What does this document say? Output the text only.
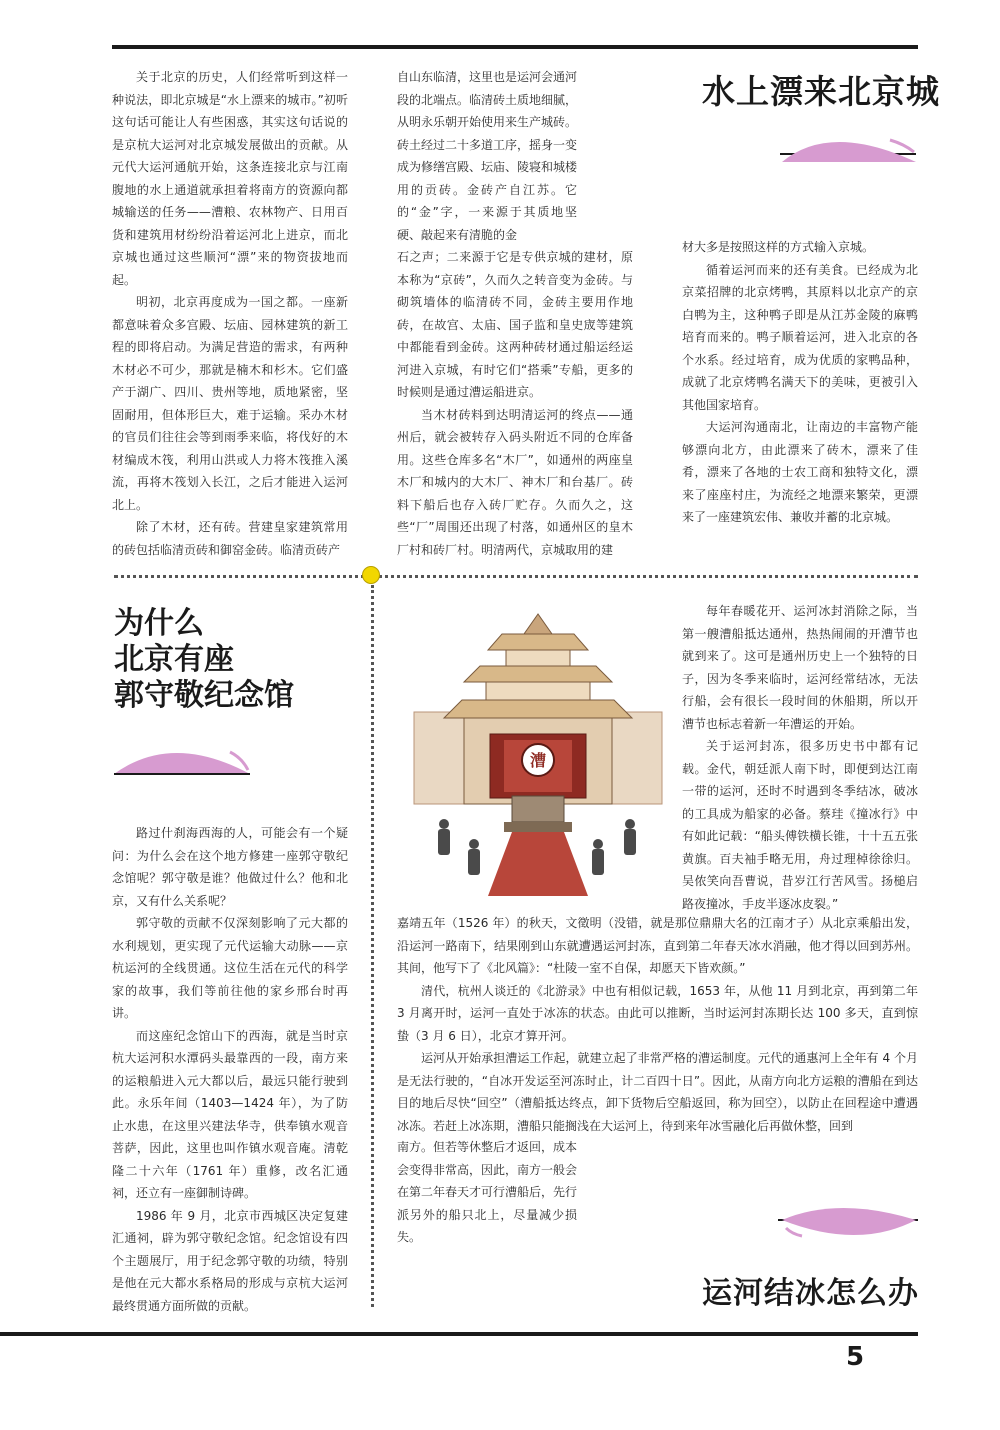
水上漂来北京城

关于北京的历史，人们经常听到这样一种说法，即北京城是“水上漂来的城市。”初听这句话可能让人有些困惑，其实这句话说的是京杭大运河对北京城发展做出的贡献。从元代大运河通航开始，这条连接北京与江南腹地的水上通道就承担着将南方的资源向都城输送的任务——漕粮、农林物产、日用百货和建筑用材纷纷沿着运河北上进京，而北京城也通过这些顺河“漂”来的物资拔地而起。

明初，北京再度成为一国之都。一座新都意味着众多宫殿、坛庙、园林建筑的新工程的即将启动。为满足营造的需求，有两种木材必不可少，那就是楠木和杉木。它们盛产于湖广、四川、贵州等地，质地紧密，坚固耐用，但体形巨大，难于运输。采办木材的官员们往往会等到雨季来临，将伐好的木材编成木筏，利用山洪或人力将木筏推入溪流，再将木筏划入长江，之后才能进入运河北上。

除了木材，还有砖。营建皇家建筑常用的砖包括临清贡砖和御窑金砖。临清贡砖产

自山东临清，这里也是运河会通河段的北端点。临清砖土质地细腻，从明永乐朝开始使用来生产城砖。砖土经过二十多道工序，摇身一变成为修缮宫殿、坛庙、陵寝和城楼用的贡砖。金砖产自江苏。它的“金”字，一来源于其质地坚硬、敲起来有清脆的金

石之声；二来源于它是专供京城的建材，原本称为“京砖”，久而久之转音变为金砖。与砌筑墙体的临清砖不同，金砖主要用作地砖，在故宫、太庙、国子监和皇史宬等建筑中都能看到金砖。这两种砖材通过船运经运河进入京城，有时它们“搭乘”专船，更多的时候则是通过漕运船进京。

当木材砖料到达明清运河的终点——通州后，就会被转存入码头附近不同的仓库备用。这些仓库多名“木厂”，如通州的两座皇木厂和城内的大木厂、神木厂和台基厂。砖料下船后也存入砖厂贮存。久而久之，这些“厂”周围还出现了村落，如通州区的皇木厂村和砖厂村。明清两代，京城取用的建

材大多是按照这样的方式输入京城。

循着运河而来的还有美食。已经成为北京菜招牌的北京烤鸭，其原料以北京产的京白鸭为主，这种鸭子即是从江苏金陵的麻鸭培育而来的。鸭子顺着运河，进入北京的各个水系。经过培育，成为优质的家鸭品种，成就了北京烤鸭名满天下的美味，更被引入其他国家培育。

大运河沟通南北，让南边的丰富物产能够漂向北方，由此漂来了砖木，漂来了佳肴，漂来了各地的士农工商和独特文化，漂来了座座村庄，为流经之地漂来繁荣，更漂来了一座建筑宏伟、兼收并蓄的北京城。

为什么
北京有座
郭守敬纪念馆

路过什刹海西海的人，可能会有一个疑问：为什么会在这个地方修建一座郭守敬纪念馆呢？郭守敬是谁？他做过什么？他和北京，又有什么关系呢？

郭守敬的贡献不仅深刻影响了元大都的水利规划，更实现了元代运输大动脉——京杭运河的全线贯通。这位生活在元代的科学家的故事，我们等前往他的家乡邢台时再讲。

而这座纪念馆山下的西海，就是当时京杭大运河积水潭码头最靠西的一段，南方来的运粮船进入元大都以后，最远只能行驶到此。永乐年间（1403—1424 年），为了防止水患，在这里兴建法华寺，供奉镇水观音菩萨，因此，这里也叫作镇水观音庵。清乾隆二十六年（1761 年）重修，改名汇通祠，还立有一座御制诗碑。

1986 年 9 月，北京市西城区决定复建汇通祠，辟为郭守敬纪念馆。纪念馆设有四个主题展厅，用于纪念郭守敬的功绩，特别是他在元大都水系格局的形成与京杭大运河最终贯通方面所做的贡献。

漕

每年春暖花开、运河冰封消除之际，当第一艘漕船抵达通州，热热闹闹的开漕节也就到来了。这可是通州历史上一个独特的日子，因为冬季来临时，运河经常结冰，无法行船，会有很长一段时间的休船期，所以开漕节也标志着新一年漕运的开始。

关于运河封冻，很多历史书中都有记载。金代，朝廷派人南下时，即便到达江南一带的运河，还时不时遇到冬季结冰，破冰的工具成为船家的必备。蔡珪《撞冰行》中有如此记载：“船头傅铁横长锥，十十五五张黄旗。百夫袖手略无用，舟过理棹徐徐归。吴侬笑向吾曹说，昔岁江行苦风雪。扬槌启路夜撞冰，手皮半逐冰皮裂。”

嘉靖五年（1526 年）的秋天，文徵明（没错，就是那位鼎鼎大名的江南才子）从北京乘船出发，沿运河一路南下，结果刚到山东就遭遇运河封冻，直到第二年春天冰水消融，他才得以回到苏州。其间，他写下了《北风篇》：“杜陵一室不自保，却愿天下皆欢颜。”

清代，杭州人谈迁的《北游录》中也有相似记载，1653 年，从他 11 月到北京，再到第二年 3 月离开时，运河一直处于冰冻的状态。由此可以推断，当时运河封冻期长达 100 多天，直到惊蛰（3 月 6 日），北京才算开河。

运河从开始承担漕运工作起，就建立起了非常严格的漕运制度。元代的通惠河上全年有 4 个月是无法行驶的，“自冰开发运至河冻时止，计二百四十日”。因此，从南方向北方运粮的漕船在到达目的地后尽快“回空”（漕船抵达终点，卸下货物后空船返回，称为回空），以防止在回程途中遭遇冰冻。若赶上冰冻期，漕船只能搁浅在大运河上，待到来年冰雪融化后再做休整，回到

南方。但若等休整后才返回，成本会变得非常高，因此，南方一般会在第二年春天才可行漕船后，先行派另外的船只北上，尽量减少损失。

运河结冰怎么办
5
